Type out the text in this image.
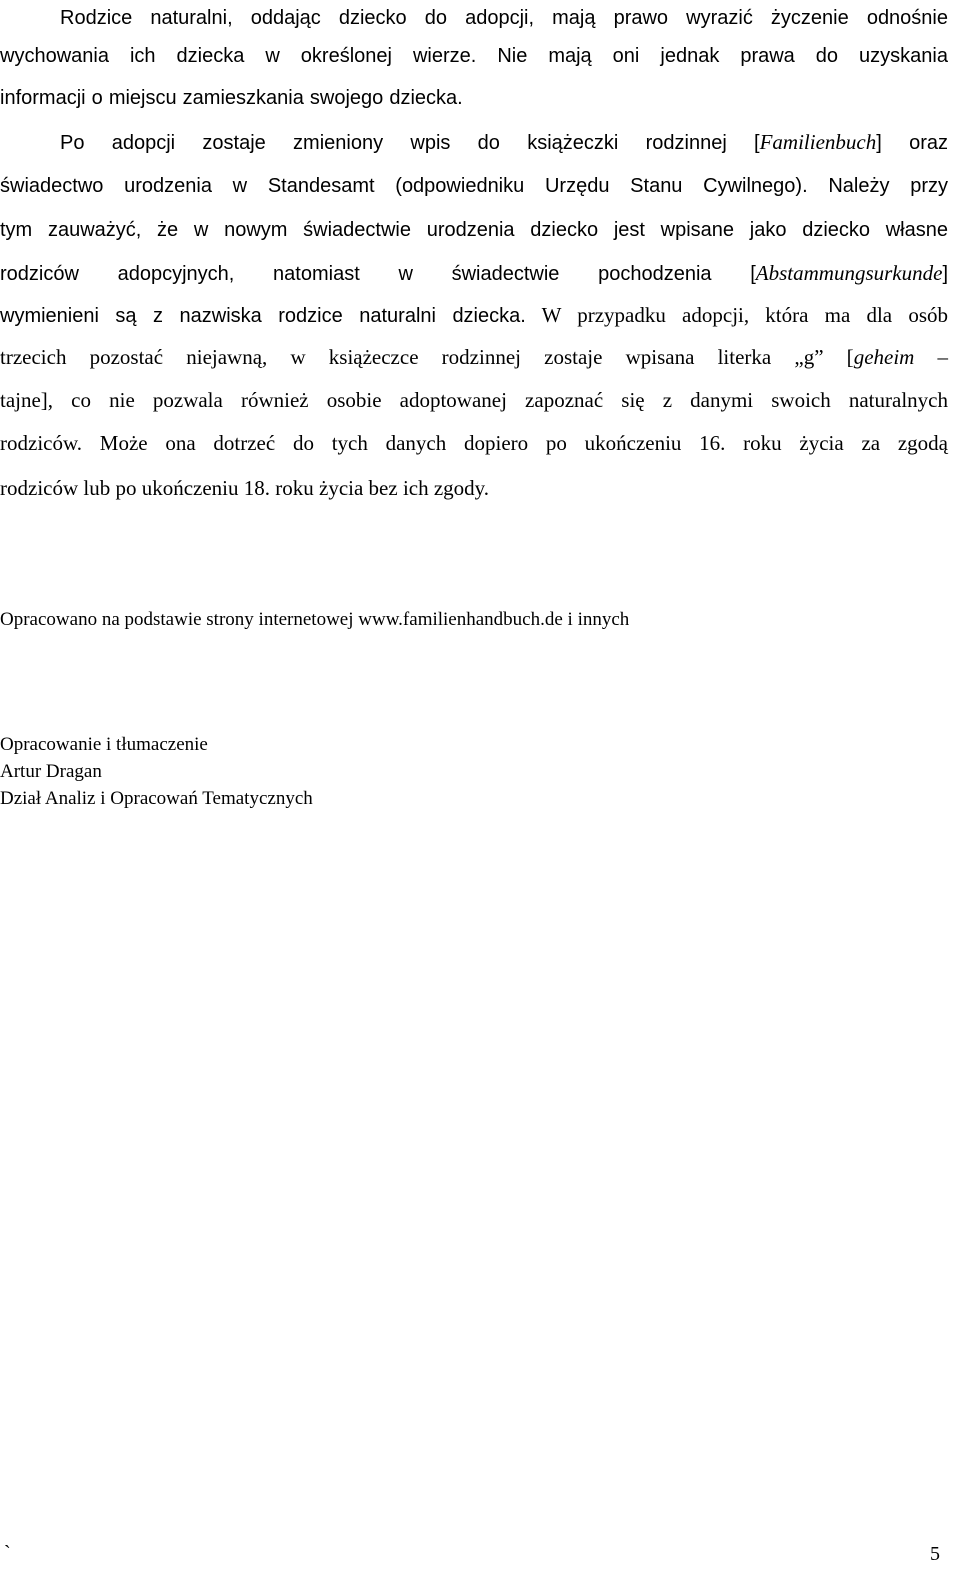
Rodzice naturalni, oddając dziecko do adopcji, mają prawo wyrazić życzenie odnośnie

wychowania ich dziecka w określonej wierze. Nie mają oni jednak prawa do uzyskania

informacji o miejscu zamieszkania swojego dziecka.

Po adopcji zostaje zmieniony wpis do książeczki rodzinnej [Familienbuch] oraz

świadectwo urodzenia w Standesamt (odpowiedniku Urzędu Stanu Cywilnego). Należy przy

tym zauważyć, że w nowym świadectwie urodzenia dziecko jest wpisane jako dziecko własne

rodziców adopcyjnych, natomiast w świadectwie pochodzenia [Abstammungsurkunde]

wymienieni są z nazwiska rodzice naturalni dziecka. W przypadku adopcji, która ma dla osób

trzecich pozostać niejawną, w książeczce rodzinnej zostaje wpisana literka „g” [geheim –

tajne], co nie pozwala również osobie adoptowanej zapoznać się z danymi swoich naturalnych

rodziców. Może ona dotrzeć do tych danych dopiero po ukończeniu 16. roku życia za zgodą

rodziców lub po ukończeniu 18. roku życia bez ich zgody.

Opracowano na podstawie strony internetowej www.familienhandbuch.de i innych
Opracowanie i tłumaczenie
Artur Dragan
Dział Analiz i Opracowań Tematycznych
`	5
